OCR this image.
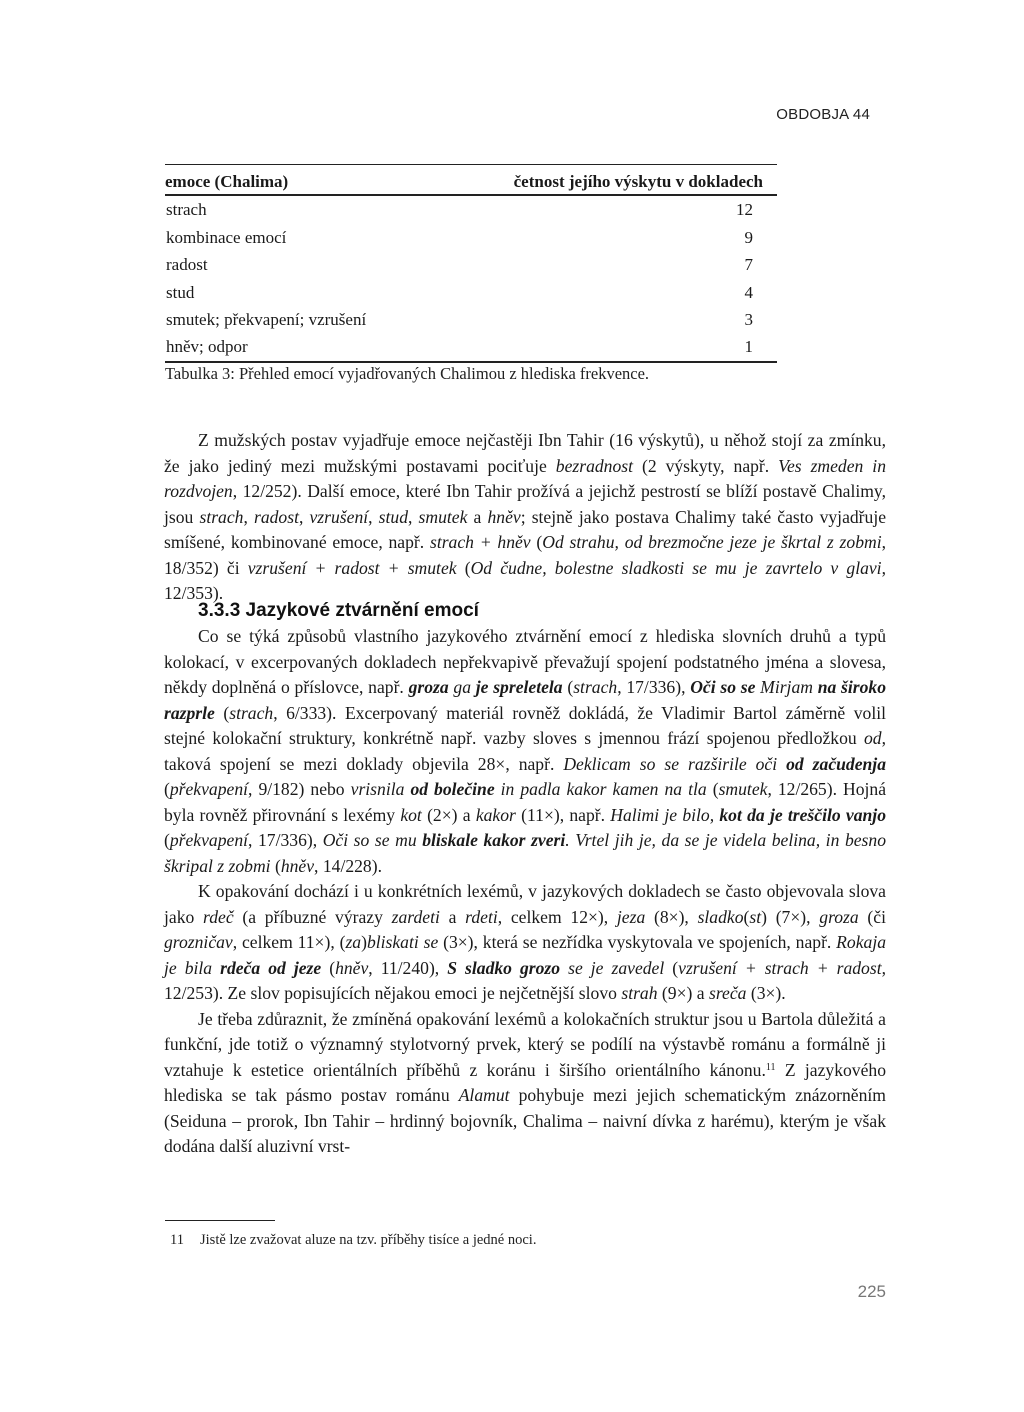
OBDOBJA 44
emoce (Chalima)	četnost jejího výskytu v dokladech
strach	12
kombinace emocí	9
radost	7
stud	4
smutek; překvapení; vzrušení	3
hněv; odpor	1
Tabulka 3: Přehled emocí vyjadřovaných Chalimou z hlediska frekvence.

Z mužských postav vyjadřuje emoce nejčastěji Ibn Tahir (16 výskytů), u něhož stojí za zmínku, že jako jediný mezi mužskými postavami pociťuje bezradnost (2 výskyty, např. Ves zmeden in rozdvojen, 12/252). Další emoce, které Ibn Tahir prožívá a jejichž pestrostí se blíží postavě Chalimy, jsou strach, radost, vzrušení, stud, smutek a hněv; stejně jako postava Chalimy také často vyjadřuje smíšené, kombinované emoce, např. strach + hněv (Od strahu, od brezmočne jeze je škrtal z zobmi, 18/352) či vzrušení + radost + smutek (Od čudne, bolestne sladkosti se mu je zavrtelo v glavi, 12/353).

3.3.3 Jazykové ztvárnění emocí

Co se týká způsobů vlastního jazykového ztvárnění emocí z hlediska slovních druhů a typů kolokací, v excerpovaných dokladech nepřekvapivě převažují spojení podstatného jména a slovesa, někdy doplněná o příslovce, např. groza ga je spreletela (strach, 17/336), Oči so se Mirjam na široko razprle (strach, 6/333). Excerpovaný materiál rovněž dokládá, že Vladimir Bartol záměrně volil stejné kolokační struktury, konkrétně např. vazby sloves s jmennou frází spojenou předložkou od, taková spojení se mezi doklady objevila 28×, např. Deklicam so se razširile oči od začudenja (překvapení, 9/182) nebo vrisnila od bolečine in padla kakor kamen na tla (smutek, 12/265). Hojná byla rovněž přirovnání s lexémy kot (2×) a kakor (11×), např. Halimi je bilo, kot da je treščilo vanjo (překvapení, 17/336), Oči so se mu bliskale kakor zveri. Vrtel jih je, da se je videla belina, in besno škripal z zobmi (hněv, 14/228).

K opakování dochází i u konkrétních lexémů, v jazykových dokladech se často objevovala slova jako rdeč (a příbuzné výrazy zardeti a rdeti, celkem 12×), jeza (8×), sladko(st) (7×), groza (či grozničav, celkem 11×), (za)bliskati se (3×), která se nezřídka vyskytovala ve spojeních, např. Rokaja je bila rdeča od jeze (hněv, 11/240), S sladko grozo se je zavedel (vzrušení + strach + radost, 12/253). Ze slov popisujících nějakou emoci je nejčetnější slovo strah (9×) a sreča (3×).

Je třeba zdůraznit, že zmíněná opakování lexémů a kolokačních struktur jsou u Bartola důležitá a funkční, jde totiž o významný stylotvorný prvek, který se podílí na výstavbě románu a formálně ji vztahuje k estetice orientálních příběhů z koránu i širšího orientálního kánonu.$^{11}$ Z jazykového hlediska se tak pásmo postav románu Alamut pohybuje mezi jejich schematickým znázorněním (Seiduna – prorok, Ibn Tahir – hrdinný bojovník, Chalima – naivní dívka z harému), kterým je však dodána další aluzivní vrst-

11 Jistě lze zvažovat aluze na tzv. příběhy tisíce a jedné noci.
225
